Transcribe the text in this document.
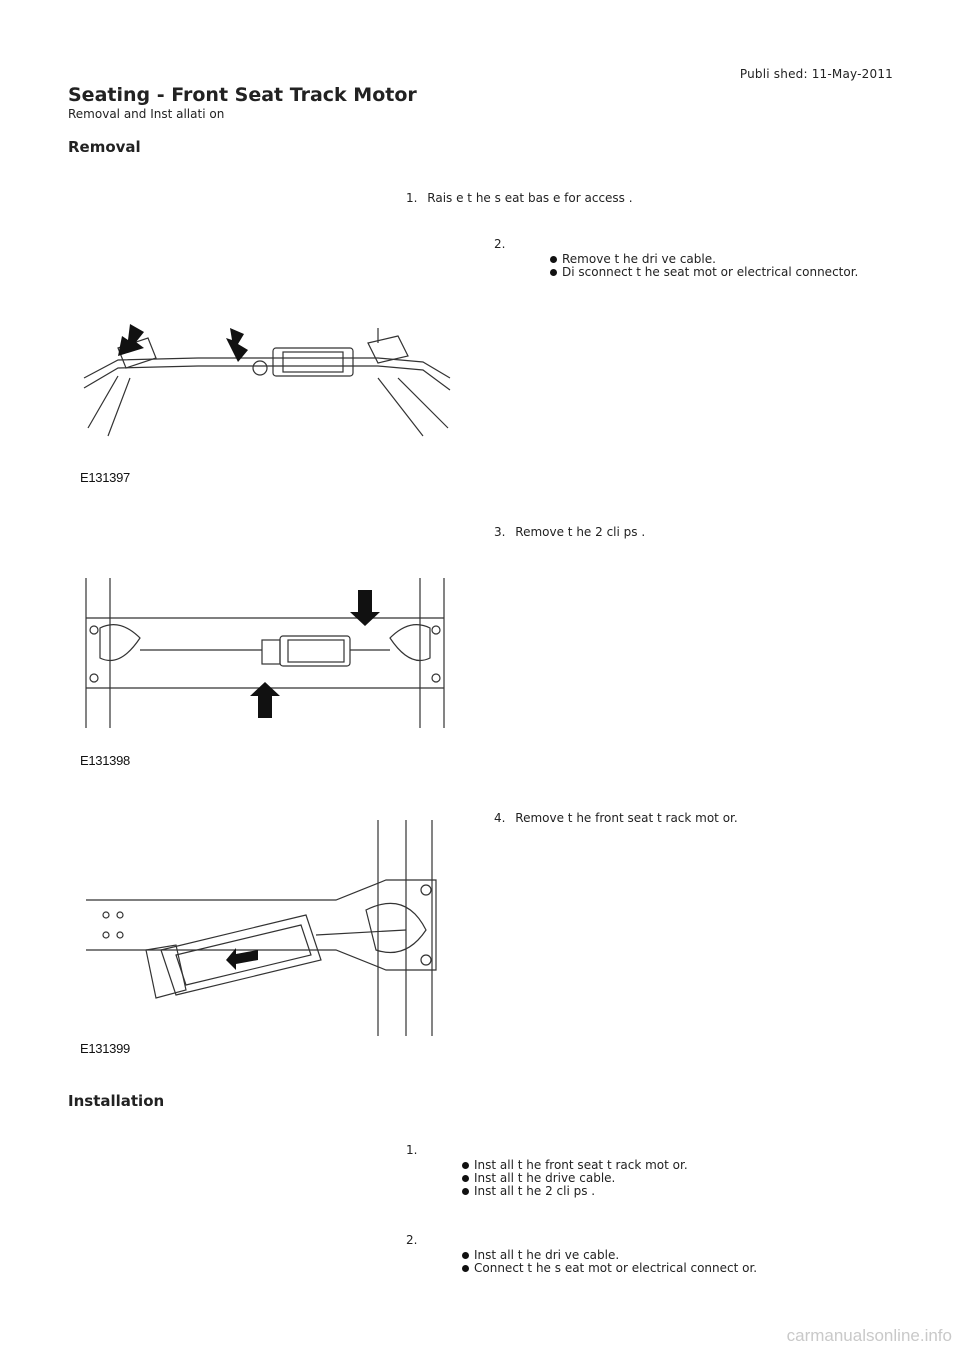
Publi shed: 11-May-2011
Seating - Front Seat Track Motor
Removal and Inst allati on
Removal
1. Rais e t he s eat bas e for access .
2.
Remove t he dri ve cable.
Di sconnect t he seat mot or electrical connector.
E131397
3. Remove t he 2 cli ps .
E131398
4. Remove t he front seat t rack mot or.
E131399
Installation
1.
Inst all t he front seat t rack mot or.
Inst all t he drive cable.
Inst all t he 2 cli ps .
2.
Inst all t he dri ve cable.
Connect t he s eat mot or electrical connect or.
carmanualsonline.info
